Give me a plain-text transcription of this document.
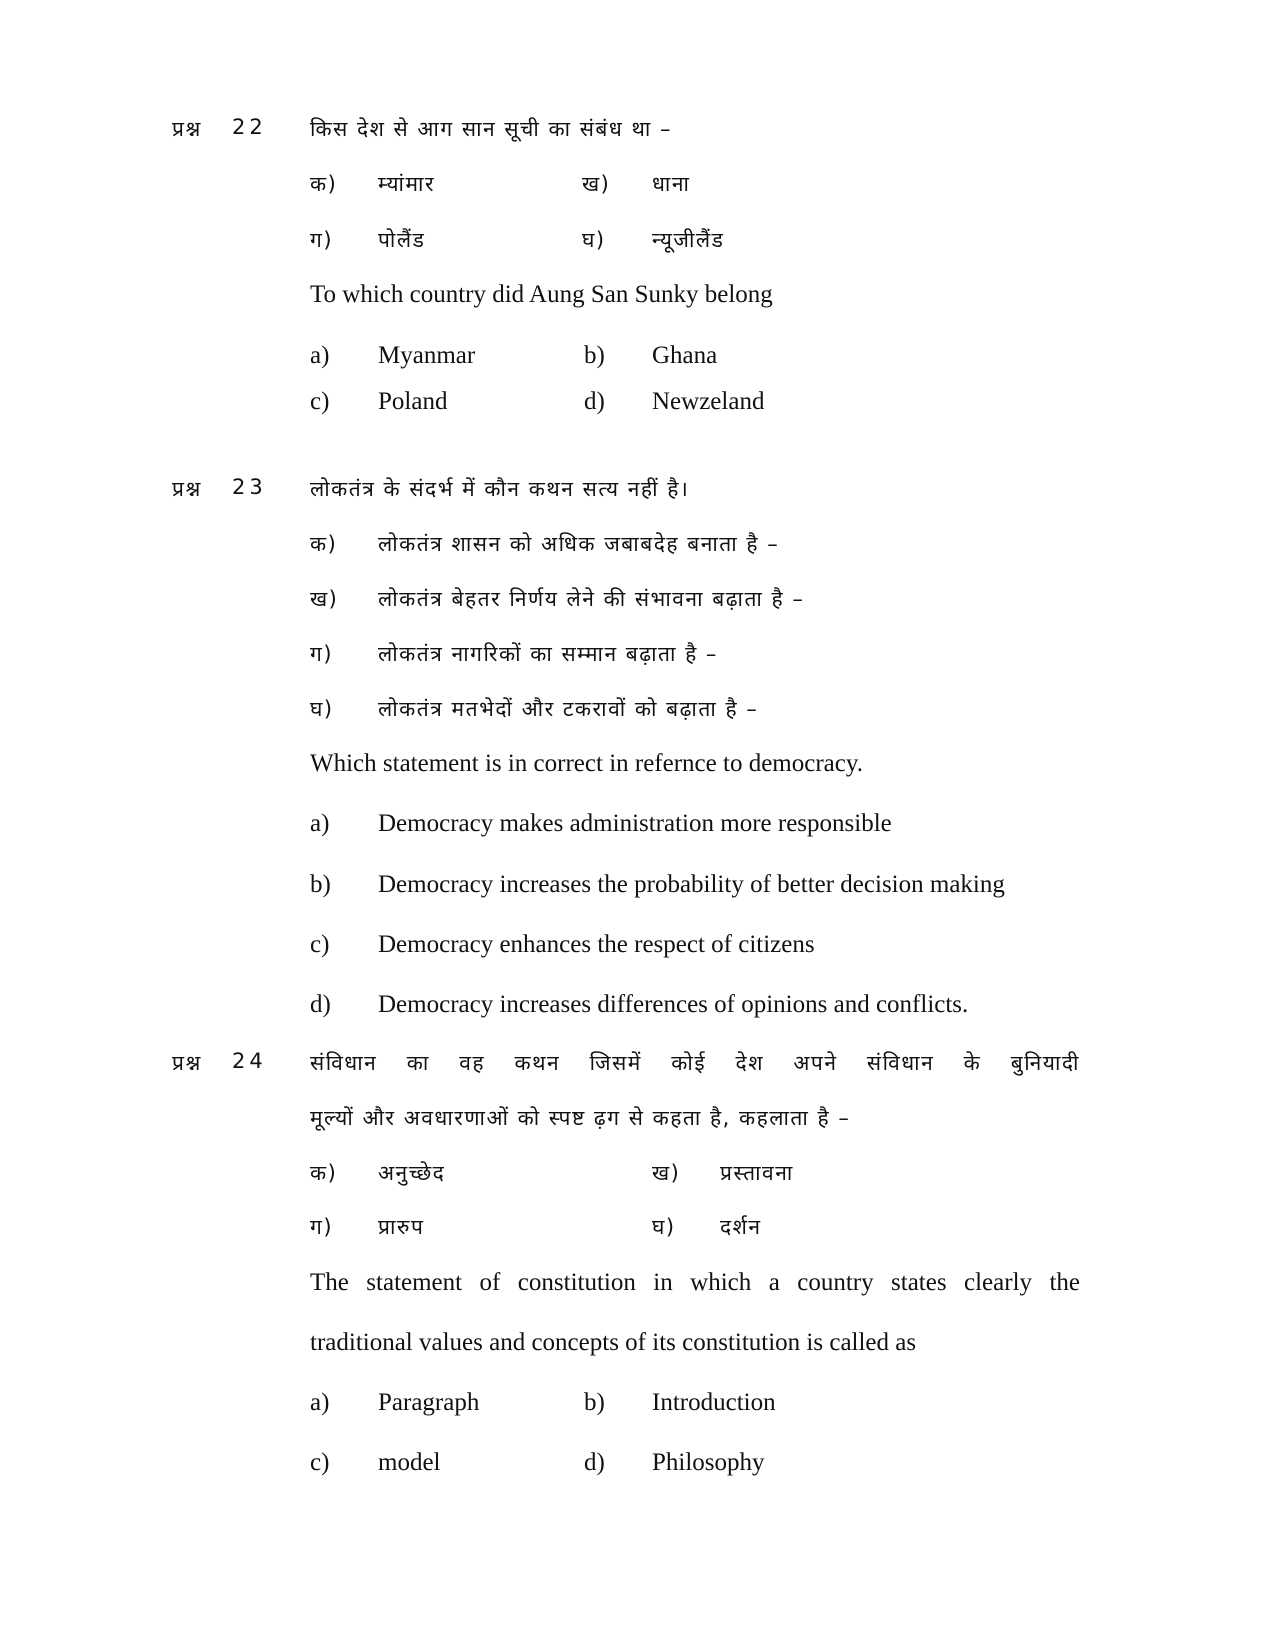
प्रश्न 22 किस देश से आग सान सूची का संबंध था –
क) म्यांमार	ख) धाना
ग) पोलैंड	घ) न्यूजीलैंड
To which country did Aung San Sunky belong
a) Myanmar	b) Ghana
c) Poland	d) Newzeland
प्रश्न 23 लोकतंत्र के संदर्भ में कौन कथन सत्य नहीं है।
क) लोकतंत्र शासन को अधिक जबाबदेह बनाता है –
ख) लोकतंत्र बेहतर निर्णय लेने की संभावना बढ़ाता है –
ग) लोकतंत्र नागरिकों का सम्मान बढ़ाता है –
घ) लोकतंत्र मतभेदों और टकरावों को बढ़ाता है –
Which statement is in correct in refernce to democracy.
a) Democracy makes administration more responsible
b) Democracy increases the probability of better decision making
c) Democracy enhances the respect of citizens
d) Democracy increases differences of opinions and conflicts.
प्रश्न 24 संविधान का वह कथन जिसमें कोई देश अपने संविधान के बुनियादी
मूल्यों और अवधारणाओं को स्पष्ट ढ़ग से कहता है, कहलाता है –
क) अनुच्छेद	ख) प्रस्तावना
ग) प्रारुप	घ) दर्शन
The statement of constitution in which a country states clearly the
traditional values and concepts of its constitution is called as
a) Paragraph	b) Introduction
c) model	d) Philosophy
